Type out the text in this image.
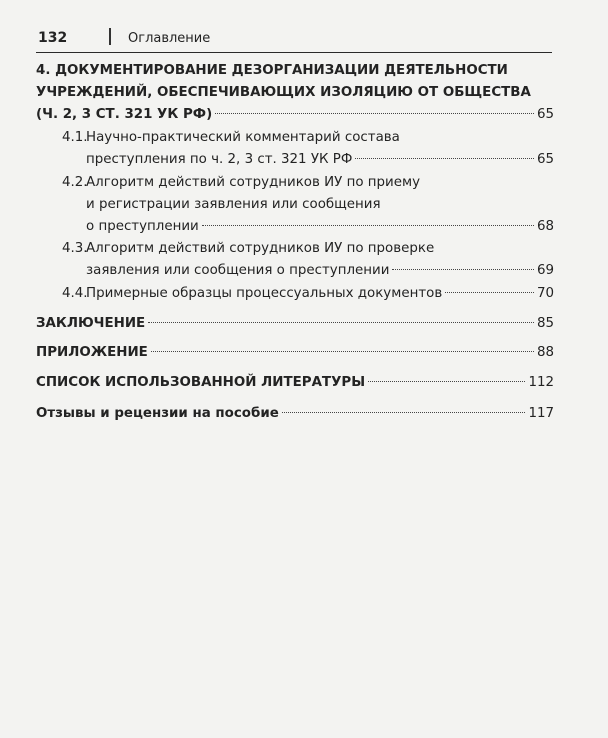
132	Оглавление
4. ДОКУМЕНТИРОВАНИЕ ДЕЗОРГАНИЗАЦИИ ДЕЯТЕЛЬНОСТИ
УЧРЕЖДЕНИЙ, ОБЕСПЕЧИВАЮЩИХ ИЗОЛЯЦИЮ ОТ ОБЩЕСТВА
(Ч. 2, 3 СТ. 321 УК РФ)	65
4.1.
Научно-практический комментарий состава
преступления по ч. 2, 3 ст. 321 УК РФ	65
4.2.
Алгоритм действий сотрудников ИУ по приему
и регистрации заявления или сообщения
о преступлении	68
4.3.
Алгоритм действий сотрудников ИУ по проверке
заявления или сообщения о преступлении	69
4.4.
Примерные образцы процессуальных документов	70
ЗАКЛЮЧЕНИЕ	85
ПРИЛОЖЕНИЕ	88
СПИСОК ИСПОЛЬЗОВАННОЙ ЛИТЕРАТУРЫ	112
Отзывы и рецензии на пособие	117
